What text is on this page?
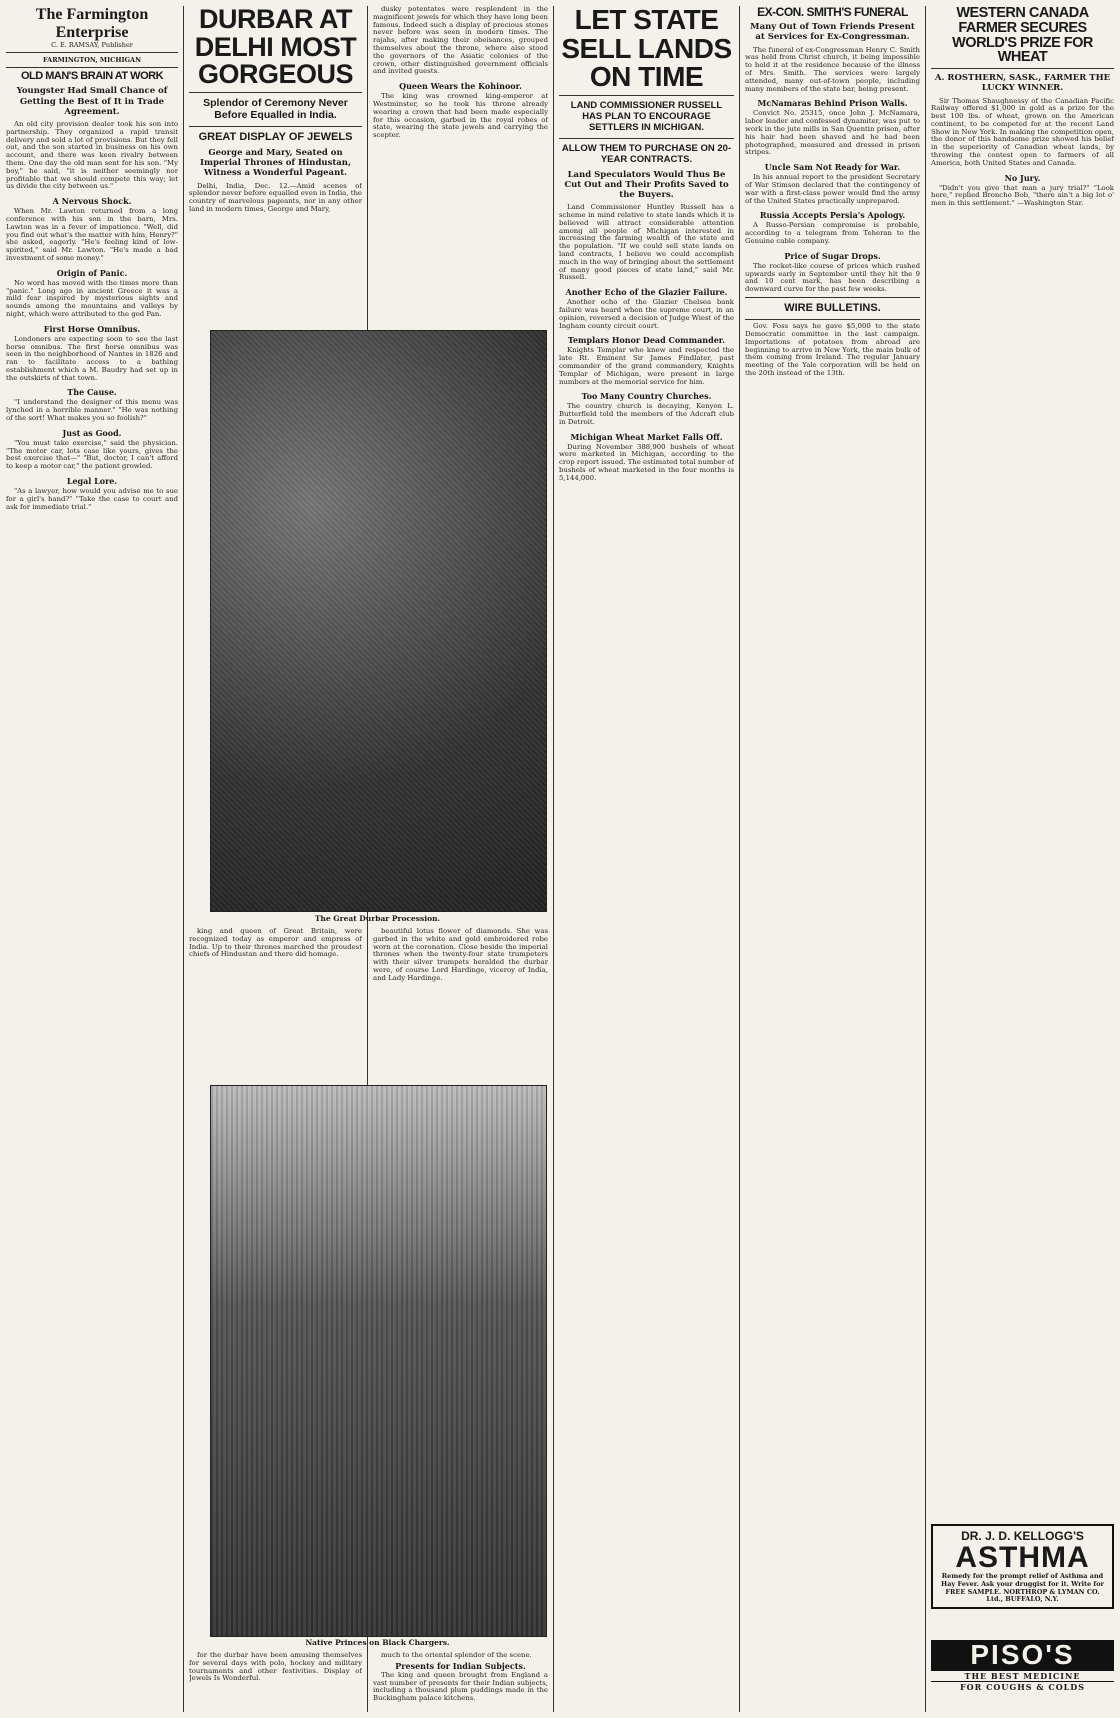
The Farmington Enterprise
C. E. RAMSAY, Publisher
FARMINGTON, MICHIGAN
OLD MAN'S BRAIN AT WORK
Youngster Had Small Chance of Getting the Best of It in Trade Agreement.

An old city provision dealer took his son into partnership. They organized a rapid transit delivery and sold a lot of provisions. But they fell out, and the son started in business on his own account, and there was keen rivalry between them. One day the old man sent for his son. "My boy," he said, "it is neither seemingly nor profitable that we should compete this way; let us divide the city between us."

A Nervous Shock.

When Mr. Lawton returned from a long conference with his son in the barn, Mrs. Lawton was in a fever of impatience. "Well, did you find out what's the matter with him, Henry?" she asked, eagerly. "He's feeling kind of low-spirited," said Mr. Lawton. "He's made a bad investment of some money."

Origin of Panic.

No word has moved with the times more than "panic." Long ago in ancient Greece it was a mild fear inspired by mysterious sights and sounds among the mountains and valleys by night, which were attributed to the god Pan.

First Horse Omnibus.

Londoners are expecting soon to see the last horse omnibus. The first horse omnibus was seen in the neighborhood of Nantes in 1826 and ran to facilitate access to a bathing establishment which a M. Baudry had set up in the outskirts of that town.

The Cause.

"I understand the designer of this menu was lynched in a horrible manner." "He was nothing of the sort! What makes you so foolish?"

Just as Good.

"You must take exercise," said the physician. "The motor car, lots case like yours, gives the best exercise that—" "But, doctor, I can't afford to keep a motor car," the patient growled.

Legal Lore.

"As a lawyer, how would you advise me to sue for a girl's hand?" "Take the case to court and ask for immediate trial."

DURBAR AT DELHI MOST GORGEOUS
Splendor of Ceremony Never Before Equalled in India.
GREAT DISPLAY OF JEWELS
George and Mary, Seated on Imperial Thrones of Hindustan, Witness a Wonderful Pageant.

Delhi, India, Dec. 12.—Amid scenes of splendor never before equalled even in India, the country of marvelous pageants, nor in any other land in modern times, George and Mary,

The Great Durbar Procession.

king and queen of Great Britain, were recognized today as emperor and empress of India. Up to their thrones marched the proudest chiefs of Hindustan and there did homage.

beautiful lotus flower of diamonds. She was garbed in the white and gold embroidered robe worn at the coronation. Close beside the imperial thrones when the twenty-four state trumpeters with their silver trumpets heralded the durbar were, of course Lord Hardinge, viceroy of India, and Lady Hardinge.

Native Princes on Black Chargers.

for the durbar have been amusing themselves for several days with polo, hockey and military tournaments and other festivities. Display of Jewels Is Wonderful.

much to the oriental splendor of the scene.

Presents for Indian Subjects.

The king and queen brought from England a vast number of presents for their Indian subjects, including a thousand plum puddings made in the Buckingham palace kitchens.

dusky potentates were resplendent in the magnificent jewels for which they have long been famous. Indeed such a display of precious stones never before was seen in modern times. The rajahs, after making their obeisances, grouped themselves about the throne, where also stood the governors of the Asiatic colonies of the crown, other distinguished government officials and invited guests.

Queen Wears the Kohinoor.

The king was crowned king-emperor at Westminster, so he took his throne already wearing a crown that had been made especially for this occasion, garbed in the royal robes of state, wearing the state jewels and carrying the scepter.

LET STATE SELL LANDS ON TIME
LAND COMMISSIONER RUSSELL HAS PLAN TO ENCOURAGE SETTLERS IN MICHIGAN.
ALLOW THEM TO PURCHASE ON 20-YEAR CONTRACTS.
Land Speculators Would Thus Be Cut Out and Their Profits Saved to the Buyers.

Land Commissioner Huntley Russell has a scheme in mind relative to state lands which it is believed will attract considerable attention among all people of Michigan interested in increasing the farming wealth of the state and the population. "If we could sell state lands on land contracts, I believe we could accomplish much in the way of bringing about the settlement of many good pieces of state land," said Mr. Russell.

Another Echo of the Glazier Failure.

Another echo of the Glazier Chelsea bank failure was heard when the supreme court, in an opinion, reversed a decision of Judge Wiest of the Ingham county circuit court.

Templars Honor Dead Commander.

Knights Templar who knew and respected the late Rt. Eminent Sir James Findlater, past commander of the grand commandery, Knights Templar of Michigan, were present in large numbers at the memorial service for him.

Too Many Country Churches.

The country church is decaying, Kenyon L. Butterfield told the members of the Adcraft club in Detroit.

Michigan Wheat Market Falls Off.

During November 388,900 bushels of wheat were marketed in Michigan, according to the crop report issued. The estimated total number of bushels of wheat marketed in the four months is 5,144,000.

EX-CON. SMITH'S FUNERAL
Many Out of Town Friends Present at Services for Ex-Congressman.

The funeral of ex-Congressman Henry C. Smith was held from Christ church, it being impossible to hold it at the residence because of the illness of Mrs. Smith. The services were largely attended, many out-of-town people, including many members of the state bar, being present.

McNamaras Behind Prison Walls.

Convict No. 25315, once John J. McNamara, labor leader and confessed dynamiter, was put to work in the jute mills in San Quentin prison, after his hair had been shaved and he had been photographed, measured and dressed in prison stripes.

Uncle Sam Not Ready for War.

In his annual report to the president Secretary of War Stimson declared that the contingency of war with a first-class power would find the army of the United States practically unprepared.

Russia Accepts Persia's Apology.

A Russo-Persian compromise is probable, according to a telegram from Teheran to the Genuine cable company.

Price of Sugar Drops.

The rocket-like course of prices which rushed upwards early in September until they hit the 9 and 10 cent mark, has been describing a downward curve for the past few weeks.

WIRE BULLETINS.

Gov. Foss says he gave $5,000 to the state Democratic committee in the last campaign. Importations of potatoes from abroad are beginning to arrive in New York, the main bulk of them coming from Ireland. The regular January meeting of the Yale corporation will be held on the 20th instead of the 13th.

WESTERN CANADA FARMER SECURES WORLD'S PRIZE FOR WHEAT
A. ROSTHERN, SASK., FARMER THE LUCKY WINNER.

Sir Thomas Shaughnessy of the Canadian Pacific Railway offered $1,000 in gold as a prize for the best 100 lbs. of wheat, grown on the American continent, to be competed for at the recent Land Show in New York. In making the competition open, the donor of this handsome prize showed his belief in the superiority of Canadian wheat lands, by throwing the contest open to farmers of all America, both United States and Canada.

No Jury.

"Didn't you give that man a jury trial?" "Look here," replied Broncho Bob, "there ain't a big lot o' men in this settlement." —Washington Star.

DR. J. D. KELLOGG'S
ASTHMA
Remedy for the prompt relief of Asthma and Hay Fever. Ask your druggist for it. Write for FREE SAMPLE. NORTHROP & LYMAN CO. Ltd., BUFFALO, N.Y.
PISO'S
THE BEST MEDICINE
FOR COUGHS & COLDS
